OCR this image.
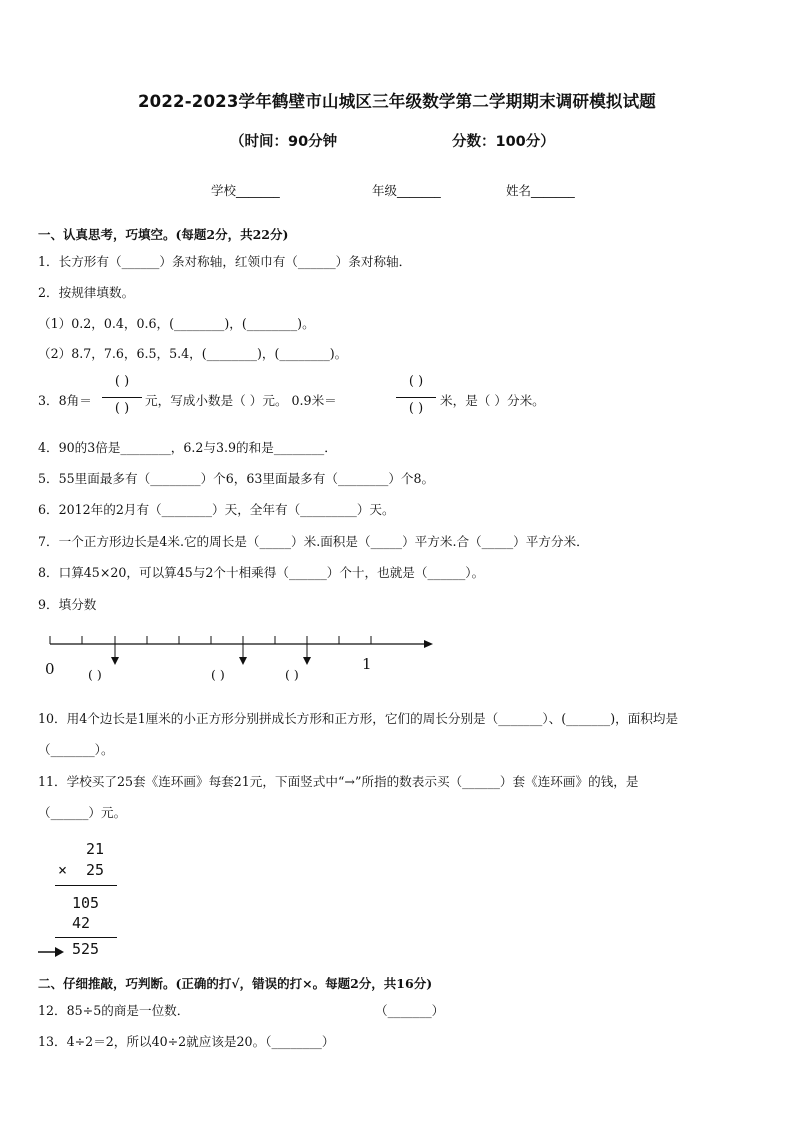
2022-2023学年鹤壁市山城区三年级数学第二学期期末调研模拟试题
（时间：90分钟	分数：100分）
学校_______	年级_______	姓名_______
一、认真思考，巧填空。(每题2分，共22分)
1．长方形有（______）条对称轴，红领巾有（______）条对称轴．
2．按规律填数。
（1）0.2，0.4，0.6，(________)，(________)。
（2）8.7，7.6，6.5，5.4，(________)，(________)。
3．8角＝
( )
( )
元，写成小数是（ ）元。 0.9米＝
( )
( )
米，是（ ）分米。
4．90的3倍是________，6.2与3.9的和是________．
5．55里面最多有（________）个6，63里面最多有（________）个8。
6．2012年的2月有（________）天，全年有（_________）天。
7．一个正方形边长是4米.它的周长是（_____）米.面积是（_____）平方米.合（_____）平方分米．
8．口算45×20，可以算45与2个十相乘得（______）个十，也就是（______）。
9．填分数
0	1
( )	( )	( )
10．用4个边长是1厘米的小正方形分别拼成长方形和正方形，它们的周长分别是（_______）、(_______)，面积均是
（_______）。
11．学校买了25套《连环画》每套21元，下面竖式中“→”所指的数表示买（______）套《连环画》的钱，是
（______）元。
21
× 25
105
42
525
二、仔细推敲，巧判断。(正确的打√，错误的打×。每题2分，共16分)
12．85÷5的商是一位数．	（_______）
13．4÷2＝2，所以40÷2就应该是20。（________）
